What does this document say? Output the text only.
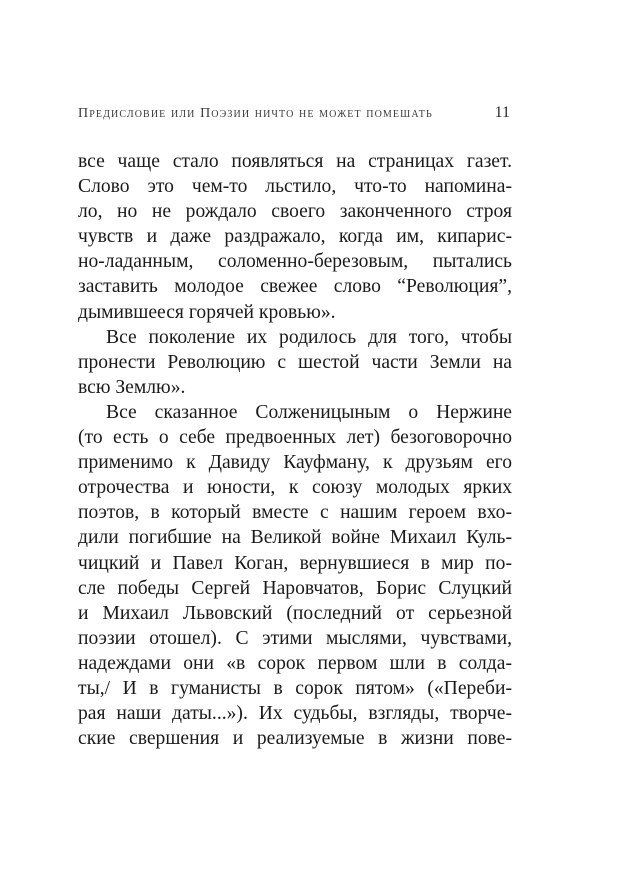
Предисловие или Поэзии ничто не может помешать	11
все чаще стало появляться на страницах газет.
Слово это чем-то льстило, что-то напомина-
ло, но не рождало своего законченного строя
чувств и даже раздражало, когда им, кипарис-
но-ладанным, соломенно-березовым, пытались
заставить молодое свежее слово “Революция”,
дымившееся горячей кровью».
Все поколение их родилось для того, чтобы
пронести Революцию с шестой части Земли на
всю Землю».
Все сказанное Солженицыным о Нержине
(то есть о себе предвоенных лет) безоговорочно
применимо к Давиду Кауфману, к друзьям его
отрочества и юности, к союзу молодых ярких
поэтов, в который вместе с нашим героем вхо-
дили погибшие на Великой войне Михаил Куль-
чицкий и Павел Коган, вернувшиеся в мир по-
сле победы Сергей Наровчатов, Борис Слуцкий
и Михаил Львовский (последний от серьезной
поэзии отошел). С этими мыслями, чувствами,
надеждами они «в сорок первом шли в солда-
ты,/ И в гуманисты в сорок пятом» («Переби-
рая наши даты...»). Их судьбы, взгляды, творче-
ские свершения и реализуемые в жизни пове-
